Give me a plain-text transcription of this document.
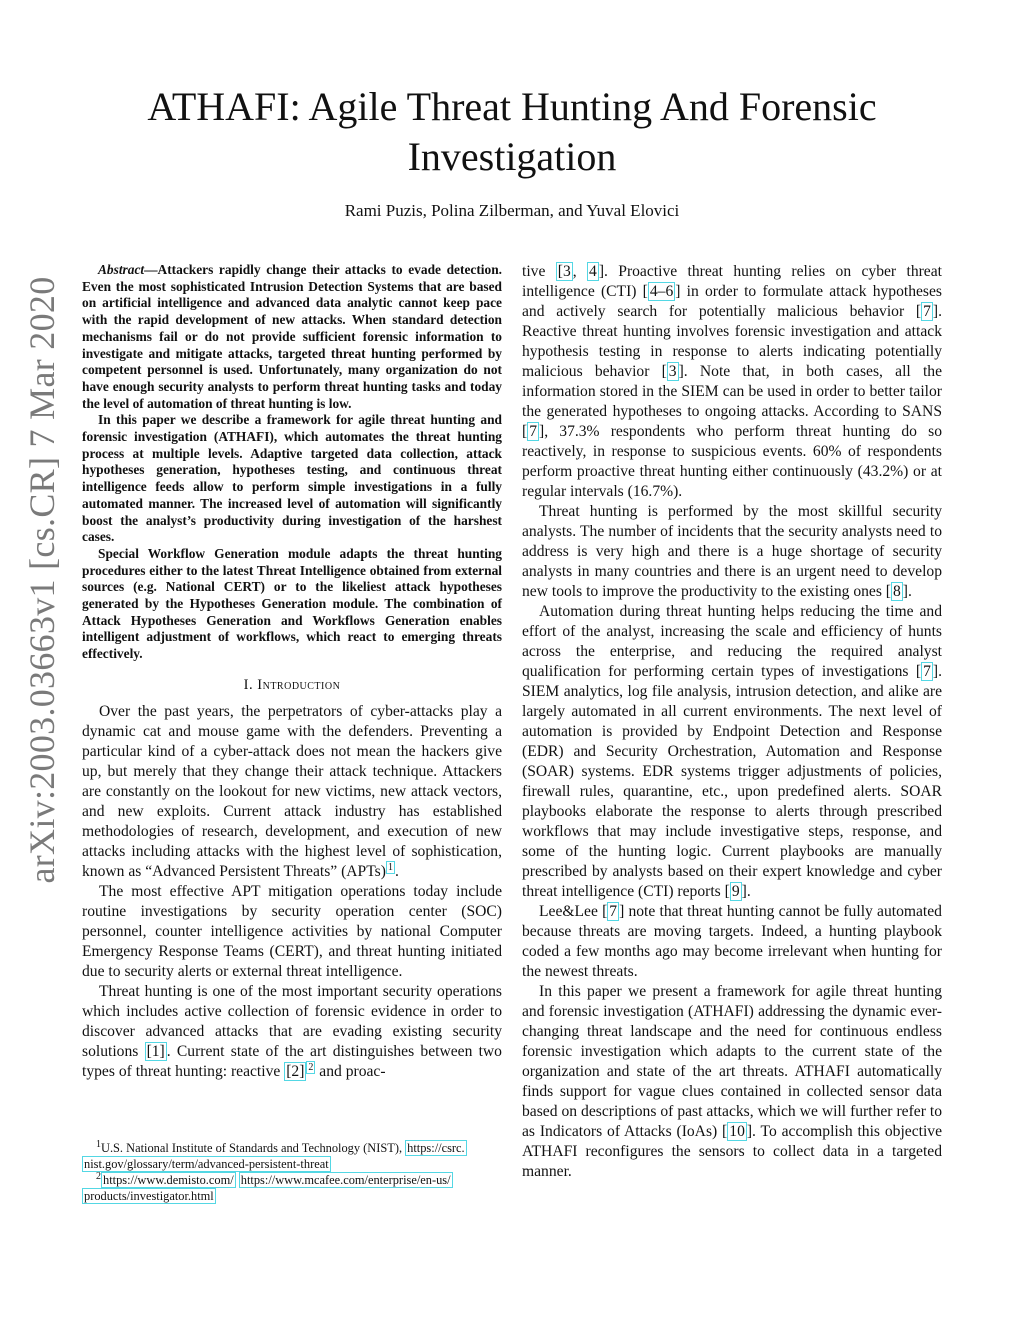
arXiv:2003.03663v1 [cs.CR] 7 Mar 2020
ATHAFI: Agile Threat Hunting And Forensic
Investigation
Rami Puzis, Polina Zilberman, and Yuval Elovici

Abstract—Attackers rapidly change their attacks to evade detection. Even the most sophisticated Intrusion Detection Systems that are based on artificial intelligence and advanced data analytic cannot keep pace with the rapid development of new attacks. When standard detection mechanisms fail or do not provide sufficient forensic information to investigate and mitigate attacks, targeted threat hunting performed by competent personnel is used. Unfortunately, many organization do not have enough security analysts to perform threat hunting tasks and today the level of automation of threat hunting is low.

In this paper we describe a framework for agile threat hunting and forensic investigation (ATHAFI), which automates the threat hunting process at multiple levels. Adaptive targeted data collection, attack hypotheses generation, hypotheses testing, and continuous threat intelligence feeds allow to perform simple investigations in a fully automated manner. The increased level of automation will significantly boost the analyst’s productivity during investigation of the harshest cases.

Special Workflow Generation module adapts the threat hunting procedures either to the latest Threat Intelligence obtained from external sources (e.g. National CERT) or to the likeliest attack hypotheses generated by the Hypotheses Generation module. The combination of Attack Hypotheses Generation and Workflows Generation enables intelligent adjustment of workflows, which react to emerging threats effectively.

I. Introduction

Over the past years, the perpetrators of cyber-attacks play a dynamic cat and mouse game with the defenders. Preventing a particular kind of a cyber-attack does not mean the hackers give up, but merely that they change their attack technique. Attackers are constantly on the lookout for new victims, new attack vectors, and new exploits. Current attack industry has established methodologies of research, development, and execution of new attacks including attacks with the highest level of sophistication, known as “Advanced Persistent Threats” (APTs) $^1$ .

The most effective APT mitigation operations today include routine investigations by security operation center (SOC) personnel, counter intelligence activities by national Computer Emergency Response Teams (CERT), and threat hunting initiated due to security alerts or external threat intelligence.

Threat hunting is one of the most important security operations which includes active collection of forensic evidence in order to discover advanced attacks that are evading existing security solutions [1] . Current state of the art distinguishes between two types of threat hunting: reactive [2] $^2$ and proac-

$^1$U.S. National Institute of Standards and Technology (NIST), https://csrc. nist.gov/glossary/term/advanced-persistent-threat
$^2$ https://www.demisto.com/ https://www.mcafee.com/enterprise/en-us/ products/investigator.html

tive [3 , 4 ]. Proactive threat hunting relies on cyber threat intelligence (CTI) [ 4–6 ] in order to formulate attack hypotheses and actively search for potentially malicious behavior [ 7 ]. Reactive threat hunting involves forensic investigation and attack hypothesis testing in response to alerts indicating potentially malicious behavior [ 3 ]. Note that, in both cases, all the information stored in the SIEM can be used in order to better tailor the generated hypotheses to ongoing attacks. According to SANS [ 7 ], 37.3% respondents who perform threat hunting do so reactively, in response to suspicious events. 60% of respondents perform proactive threat hunting either continuously (43.2%) or at regular intervals (16.7%).

Threat hunting is performed by the most skillful security analysts. The number of incidents that the security analysts need to address is very high and there is a huge shortage of security analysts in many countries and there is an urgent need to develop new tools to improve the productivity to the existing ones [ 8 ].

Automation during threat hunting helps reducing the time and effort of the analyst, increasing the scale and efficiency of hunts across the enterprise, and reducing the required analyst qualification for performing certain types of investigations [ 7 ]. SIEM analytics, log file analysis, intrusion detection, and alike are largely automated in all current environments. The next level of automation is provided by Endpoint Detection and Response (EDR) and Security Orchestration, Automation and Response (SOAR) systems. EDR systems trigger adjustments of policies, firewall rules, quarantine, etc., upon predefined alerts. SOAR playbooks elaborate the response to alerts through prescribed workflows that may include investigative steps, response, and some of the hunting logic. Current playbooks are manually prescribed by analysts based on their expert knowledge and cyber threat intelligence (CTI) reports [ 9 ].

Lee&Lee [ 7 ] note that threat hunting cannot be fully automated because threats are moving targets. Indeed, a hunting playbook coded a few months ago may become irrelevant when hunting for the newest threats.

In this paper we present a framework for agile threat hunting and forensic investigation (ATHAFI) addressing the dynamic ever-changing threat landscape and the need for continuous endless forensic investigation which adapts to the current state of the organization and state of the art threats. ATHAFI automatically finds support for vague clues contained in collected sensor data based on descriptions of past attacks, which we will further refer to as Indicators of Attacks (IoAs) [ 10 ]. To accomplish this objective ATHAFI reconfigures the sensors to collect data in a targeted manner.
